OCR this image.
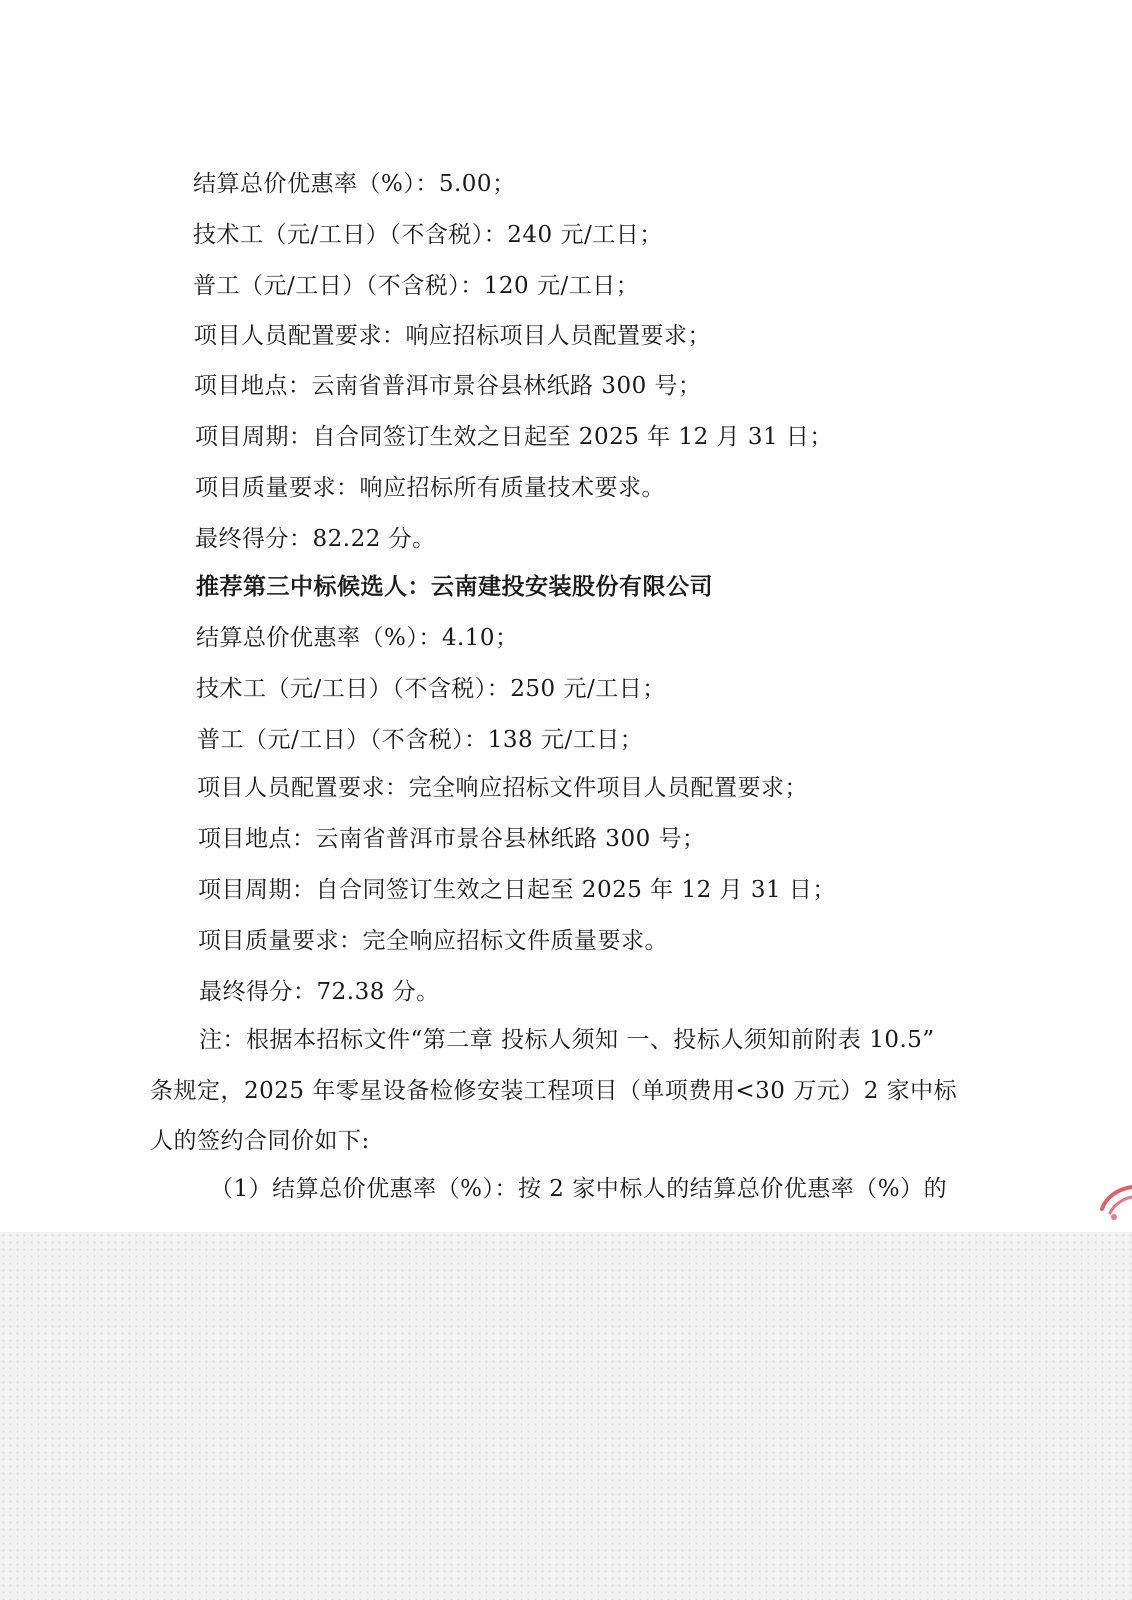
结算总价优惠率（%）：5.00；
技术工（元/工日）（不含税）：240 元/工日；
普工（元/工日）（不含税）：120 元/工日；
项目人员配置要求：响应招标项目人员配置要求；
项目地点：云南省普洱市景谷县林纸路 300 号；
项目周期：自合同签订生效之日起至 2025 年 12 月 31 日；
项目质量要求：响应招标所有质量技术要求。
最终得分：82.22 分。
推荐第三中标候选人：云南建投安装股份有限公司
结算总价优惠率（%）：4.10；
技术工（元/工日）（不含税）：250 元/工日；
普工（元/工日）（不含税）：138 元/工日；
项目人员配置要求：完全响应招标文件项目人员配置要求；
项目地点：云南省普洱市景谷县林纸路 300 号；
项目周期：自合同签订生效之日起至 2025 年 12 月 31 日；
项目质量要求：完全响应招标文件质量要求。
最终得分：72.38 分。
注：根据本招标文件“第二章 投标人须知 一、投标人须知前附表 10.5”
条规定，2025 年零星设备检修安装工程项目（单项费用<30 万元）2 家中标
人的签约合同价如下:
（1）结算总价优惠率（%）：按 2 家中标人的结算总价优惠率（%）的
